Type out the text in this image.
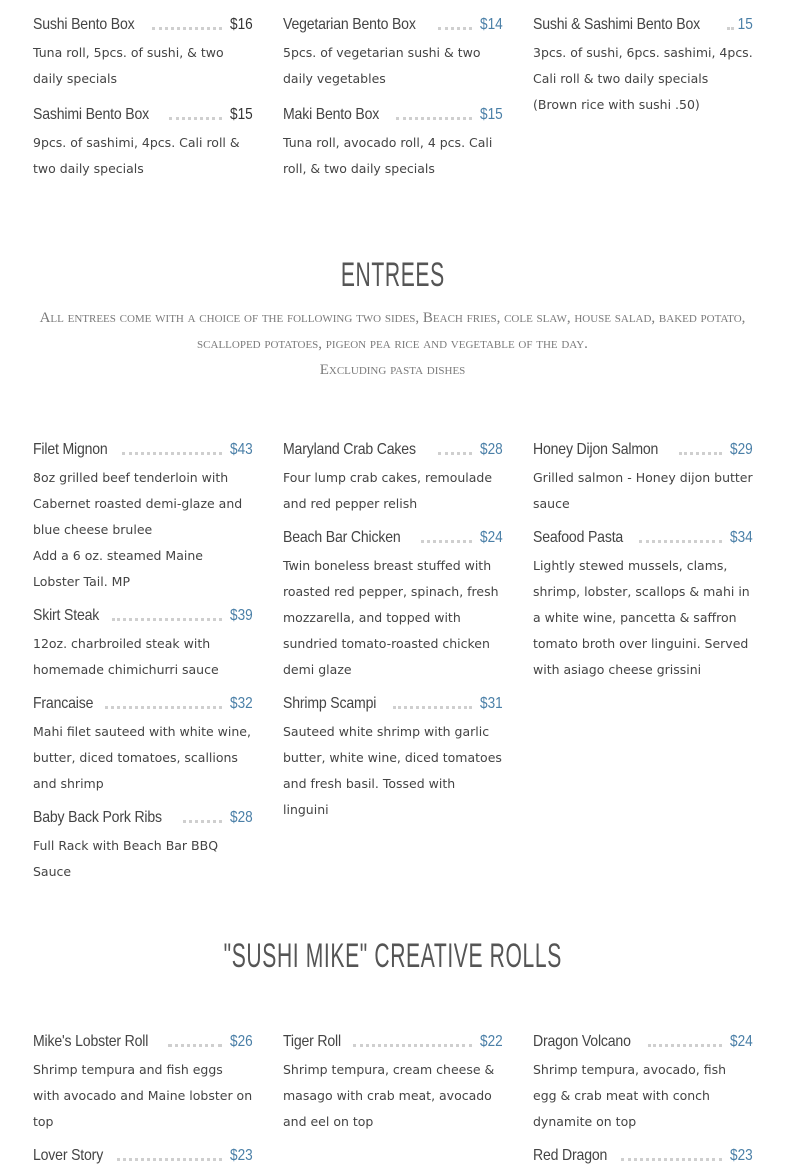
Sushi Bento Box	$16

Tuna roll, 5pcs. of sushi, & two daily specials

Sashimi Bento Box	$15

9pcs. of sashimi, 4pcs. Cali roll & two daily specials

Vegetarian Bento Box	$14

5pcs. of vegetarian sushi & two daily vegetables

Maki Bento Box	$15

Tuna roll, avocado roll, 4 pcs. Cali roll, & two daily specials

Sushi & Sashimi Bento Box 15

3pcs. of sushi, 6pcs. sashimi, 4pcs. Cali roll & two daily specials

(Brown rice with sushi .50)

ENTREES
All entrees come with a choice of the following two sides, Beach fries, cole slaw, house salad, baked potato, scalloped potatoes, pigeon pea rice and vegetable of the day.
Excluding pasta dishes
Filet Mignon	$43

8oz grilled beef tenderloin with Cabernet roasted demi-glaze and blue cheese brulee

Add a 6 oz. steamed Maine Lobster Tail. MP

Skirt Steak	$39

12oz. charbroiled steak with homemade chimichurri sauce

Francaise	$32

Mahi filet sauteed with white wine, butter, diced tomatoes, scallions and shrimp

Baby Back Pork Ribs	$28

Full Rack with Beach Bar BBQ Sauce

Maryland Crab Cakes	$28

Four lump crab cakes, remoulade and red pepper relish

Beach Bar Chicken	$24

Twin boneless breast stuffed with roasted red pepper, spinach, fresh mozzarella, and topped with sundried tomato-roasted chicken demi glaze

Shrimp Scampi	$31

Sauteed white shrimp with garlic butter, white wine, diced tomatoes and fresh basil. Tossed with linguini

Honey Dijon Salmon	$29

Grilled salmon - Honey dijon butter sauce

Seafood Pasta	$34

Lightly stewed mussels, clams, shrimp, lobster, scallops & mahi in a white wine, pancetta & saffron tomato broth over linguini. Served with asiago cheese grissini

"SUSHI MIKE" CREATIVE ROLLS
Mike's Lobster Roll	$26

Shrimp tempura and fish eggs with avocado and Maine lobster on top

Lover Story	$23
Tiger Roll	$22

Shrimp tempura, cream cheese & masago with crab meat, avocado and eel on top

Dragon Volcano	$24

Shrimp tempura, avocado, fish egg & crab meat with conch dynamite on top

Red Dragon	$23
